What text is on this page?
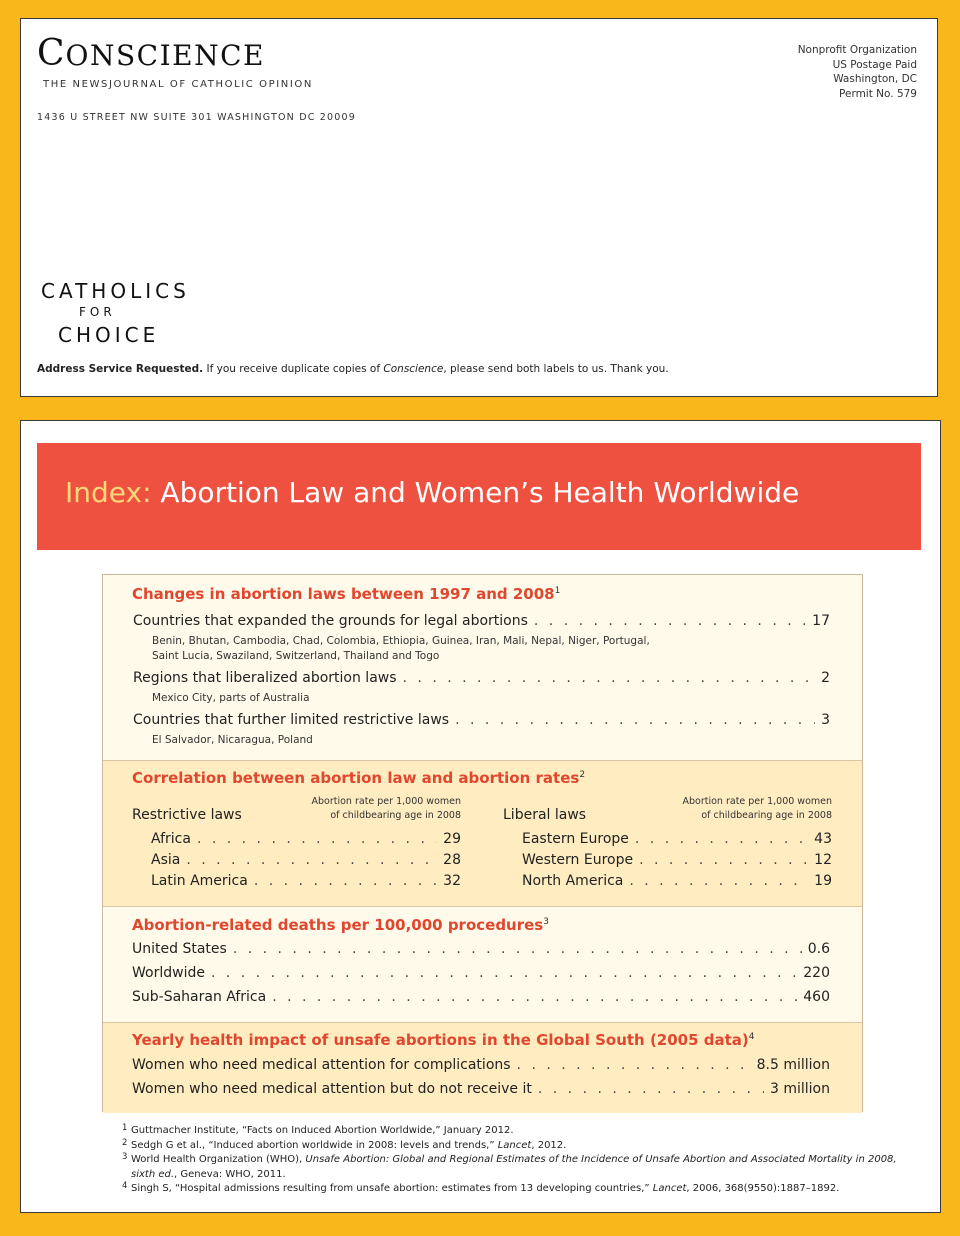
CONSCIENCE
THE NEWSJOURNAL OF CATHOLIC OPINION
1436 U STREET NW SUITE 301 WASHINGTON DC 20009
Nonprofit Organization
US Postage Paid
Washington, DC
Permit No. 579
CATHOLICS
FOR
CHOICE
Address Service Requested. If you receive duplicate copies of Conscience, please send both labels to us. Thank you.
Index: Abortion Law and Women’s Health Worldwide
Changes in abortion laws between 1997 and 2008$^1$
Countries that expanded the grounds for legal abortions . . .	17
Benin, Bhutan, Cambodia, Chad, Colombia, Ethiopia, Guinea, Iran, Mali, Nepal, Niger, Portugal,
Saint Lucia, Swaziland, Switzerland, Thailand and Togo
Regions that liberalized abortion laws . . .	2
Mexico City, parts of Australia
Countries that further limited restrictive laws . . .	3
El Salvador, Nicaragua, Poland
Correlation between abortion law and abortion rates$^2$
Restrictive laws
Abortion rate per 1,000 women
of childbearing age in 2008
Africa . . .	29
Asia . . .	28
Latin America . . .	32
Liberal laws
Abortion rate per 1,000 women
of childbearing age in 2008
Eastern Europe . . .	43
Western Europe . . .	12
North America . . .	19
Abortion-related deaths per 100,000 procedures$^3$
United States . . .	0.6
Worldwide . . .	220
Sub-Saharan Africa . . .	460
Yearly health impact of unsafe abortions in the Global South (2005 data)$^4$
Women who need medical attention for complications . . .	8.5 million
Women who need medical attention but do not receive it . . .	3 million
1 Guttmacher Institute, “Facts on Induced Abortion Worldwide,” January 2012.
2 Sedgh G et al., “Induced abortion worldwide in 2008: levels and trends,” Lancet, 2012.
3 World Health Organization (WHO), Unsafe Abortion: Global and Regional Estimates of the Incidence of Unsafe Abortion and Associated Mortality in 2008, sixth ed., Geneva: WHO, 2011.
4 Singh S, “Hospital admissions resulting from unsafe abortion: estimates from 13 developing countries,” Lancet, 2006, 368(9550):1887–1892.
